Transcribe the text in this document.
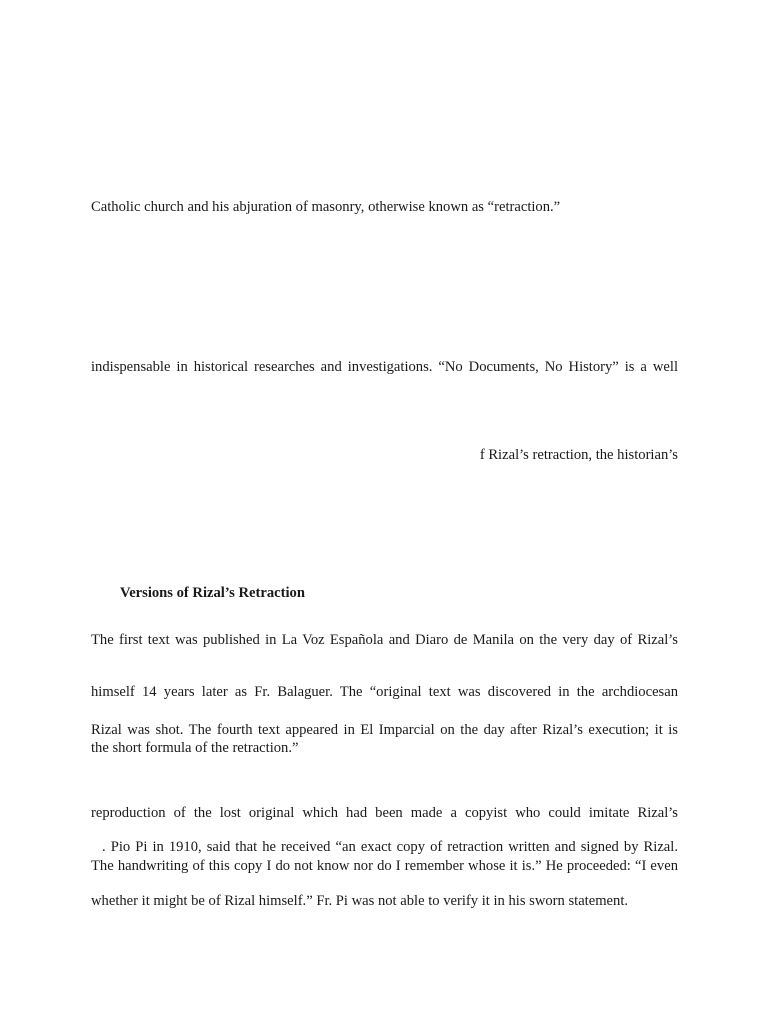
Catholic church and his abjuration of masonry, otherwise known as “retraction.”
indispensable in historical researches and investigations. “No Documents, No History” is a well
f Rizal’s retraction, the historian’s
Versions of Rizal’s Retraction
The first text was published in La Voz Española and Diaro de Manila on the very day of Rizal’s
himself 14 years later as Fr. Balaguer. The “original text was discovered in the archdiocesan
Rizal was shot. The fourth text appeared in El Imparcial on the day after Rizal’s execution; it is
the short formula of the retraction.”
reproduction of the lost original which had been made a copyist who could imitate Rizal’s
. Pio Pi in 1910, said that he received “an exact copy of retraction written and signed by Rizal.
The handwriting of this copy I do not know nor do I remember whose it is.” He proceeded: “I even
whether it might be of Rizal himself.” Fr. Pi was not able to verify it in his sworn statement.
